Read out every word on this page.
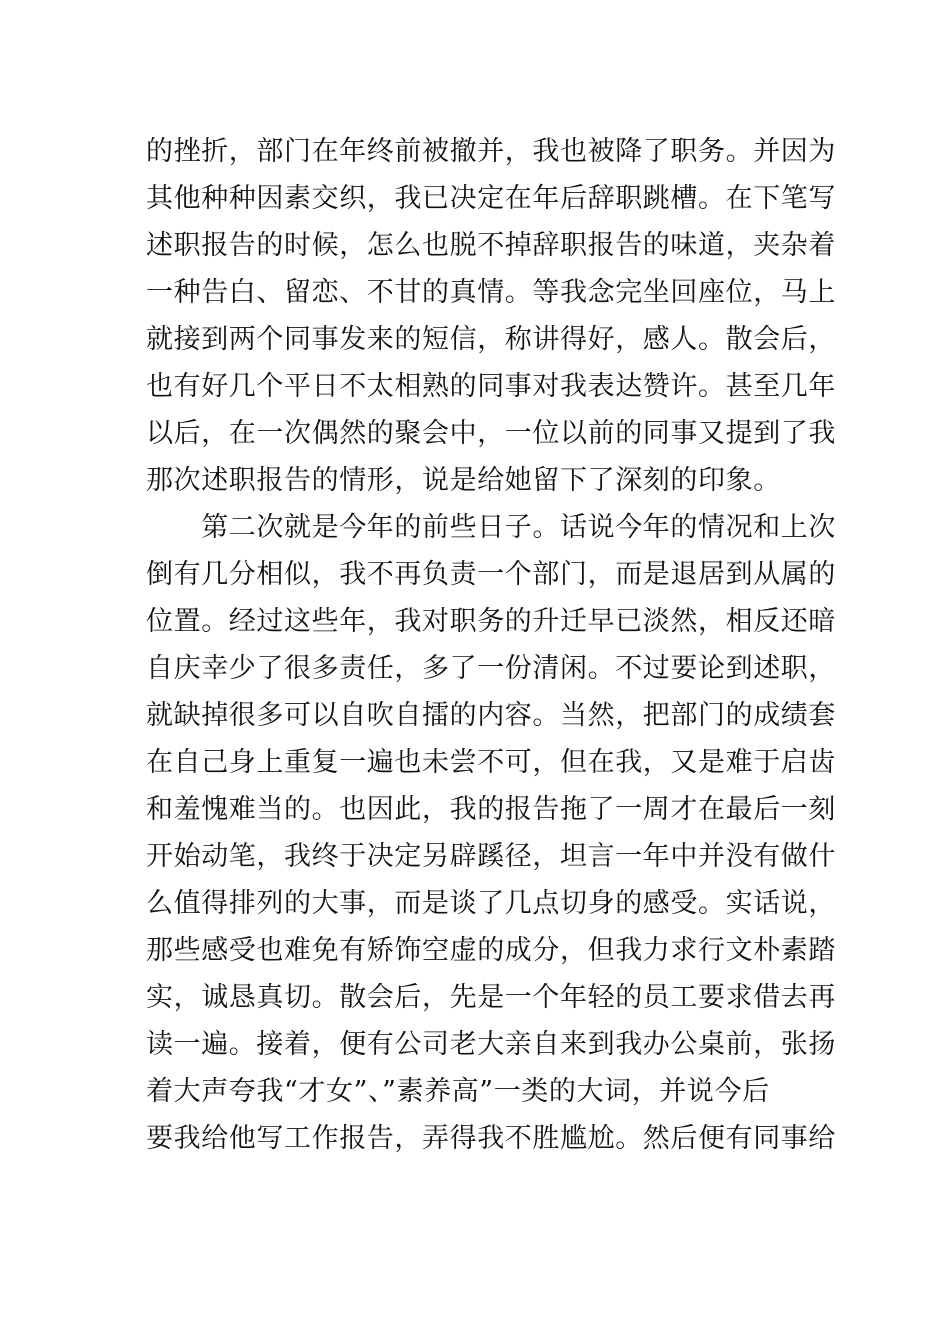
的挫折，部门在年终前被撤并，我也被降了职务。并因为
其他种种因素交织，我已决定在年后辞职跳槽。在下笔写
述职报告的时候，怎么也脱不掉辞职报告的味道，夹杂着
一种告白、留恋、不甘的真情。等我念完坐回座位，马上
就接到两个同事发来的短信，称讲得好，感人。散会后，
也有好几个平日不太相熟的同事对我表达赞许。甚至几年
以后，在一次偶然的聚会中，一位以前的同事又提到了我
那次述职报告的情形，说是给她留下了深刻的印象。
　　第二次就是今年的前些日子。话说今年的情况和上次
倒有几分相似，我不再负责一个部门，而是退居到从属的
位置。经过这些年，我对职务的升迁早已淡然，相反还暗
自庆幸少了很多责任，多了一份清闲。不过要论到述职，
就缺掉很多可以自吹自擂的内容。当然，把部门的成绩套
在自己身上重复一遍也未尝不可，但在我，又是难于启齿
和羞愧难当的。也因此，我的报告拖了一周才在最后一刻
开始动笔，我终于决定另辟蹊径，坦言一年中并没有做什
么值得排列的大事，而是谈了几点切身的感受。实话说，
那些感受也难免有矫饰空虚的成分，但我力求行文朴素踏
实，诚恳真切。散会后，先是一个年轻的员工要求借去再
读一遍。接着，便有公司老大亲自来到我办公桌前，张扬
着大声夸我“才女”、”素养高”一类的大词，并说今后
要我给他写工作报告，弄得我不胜尴尬。然后便有同事给
